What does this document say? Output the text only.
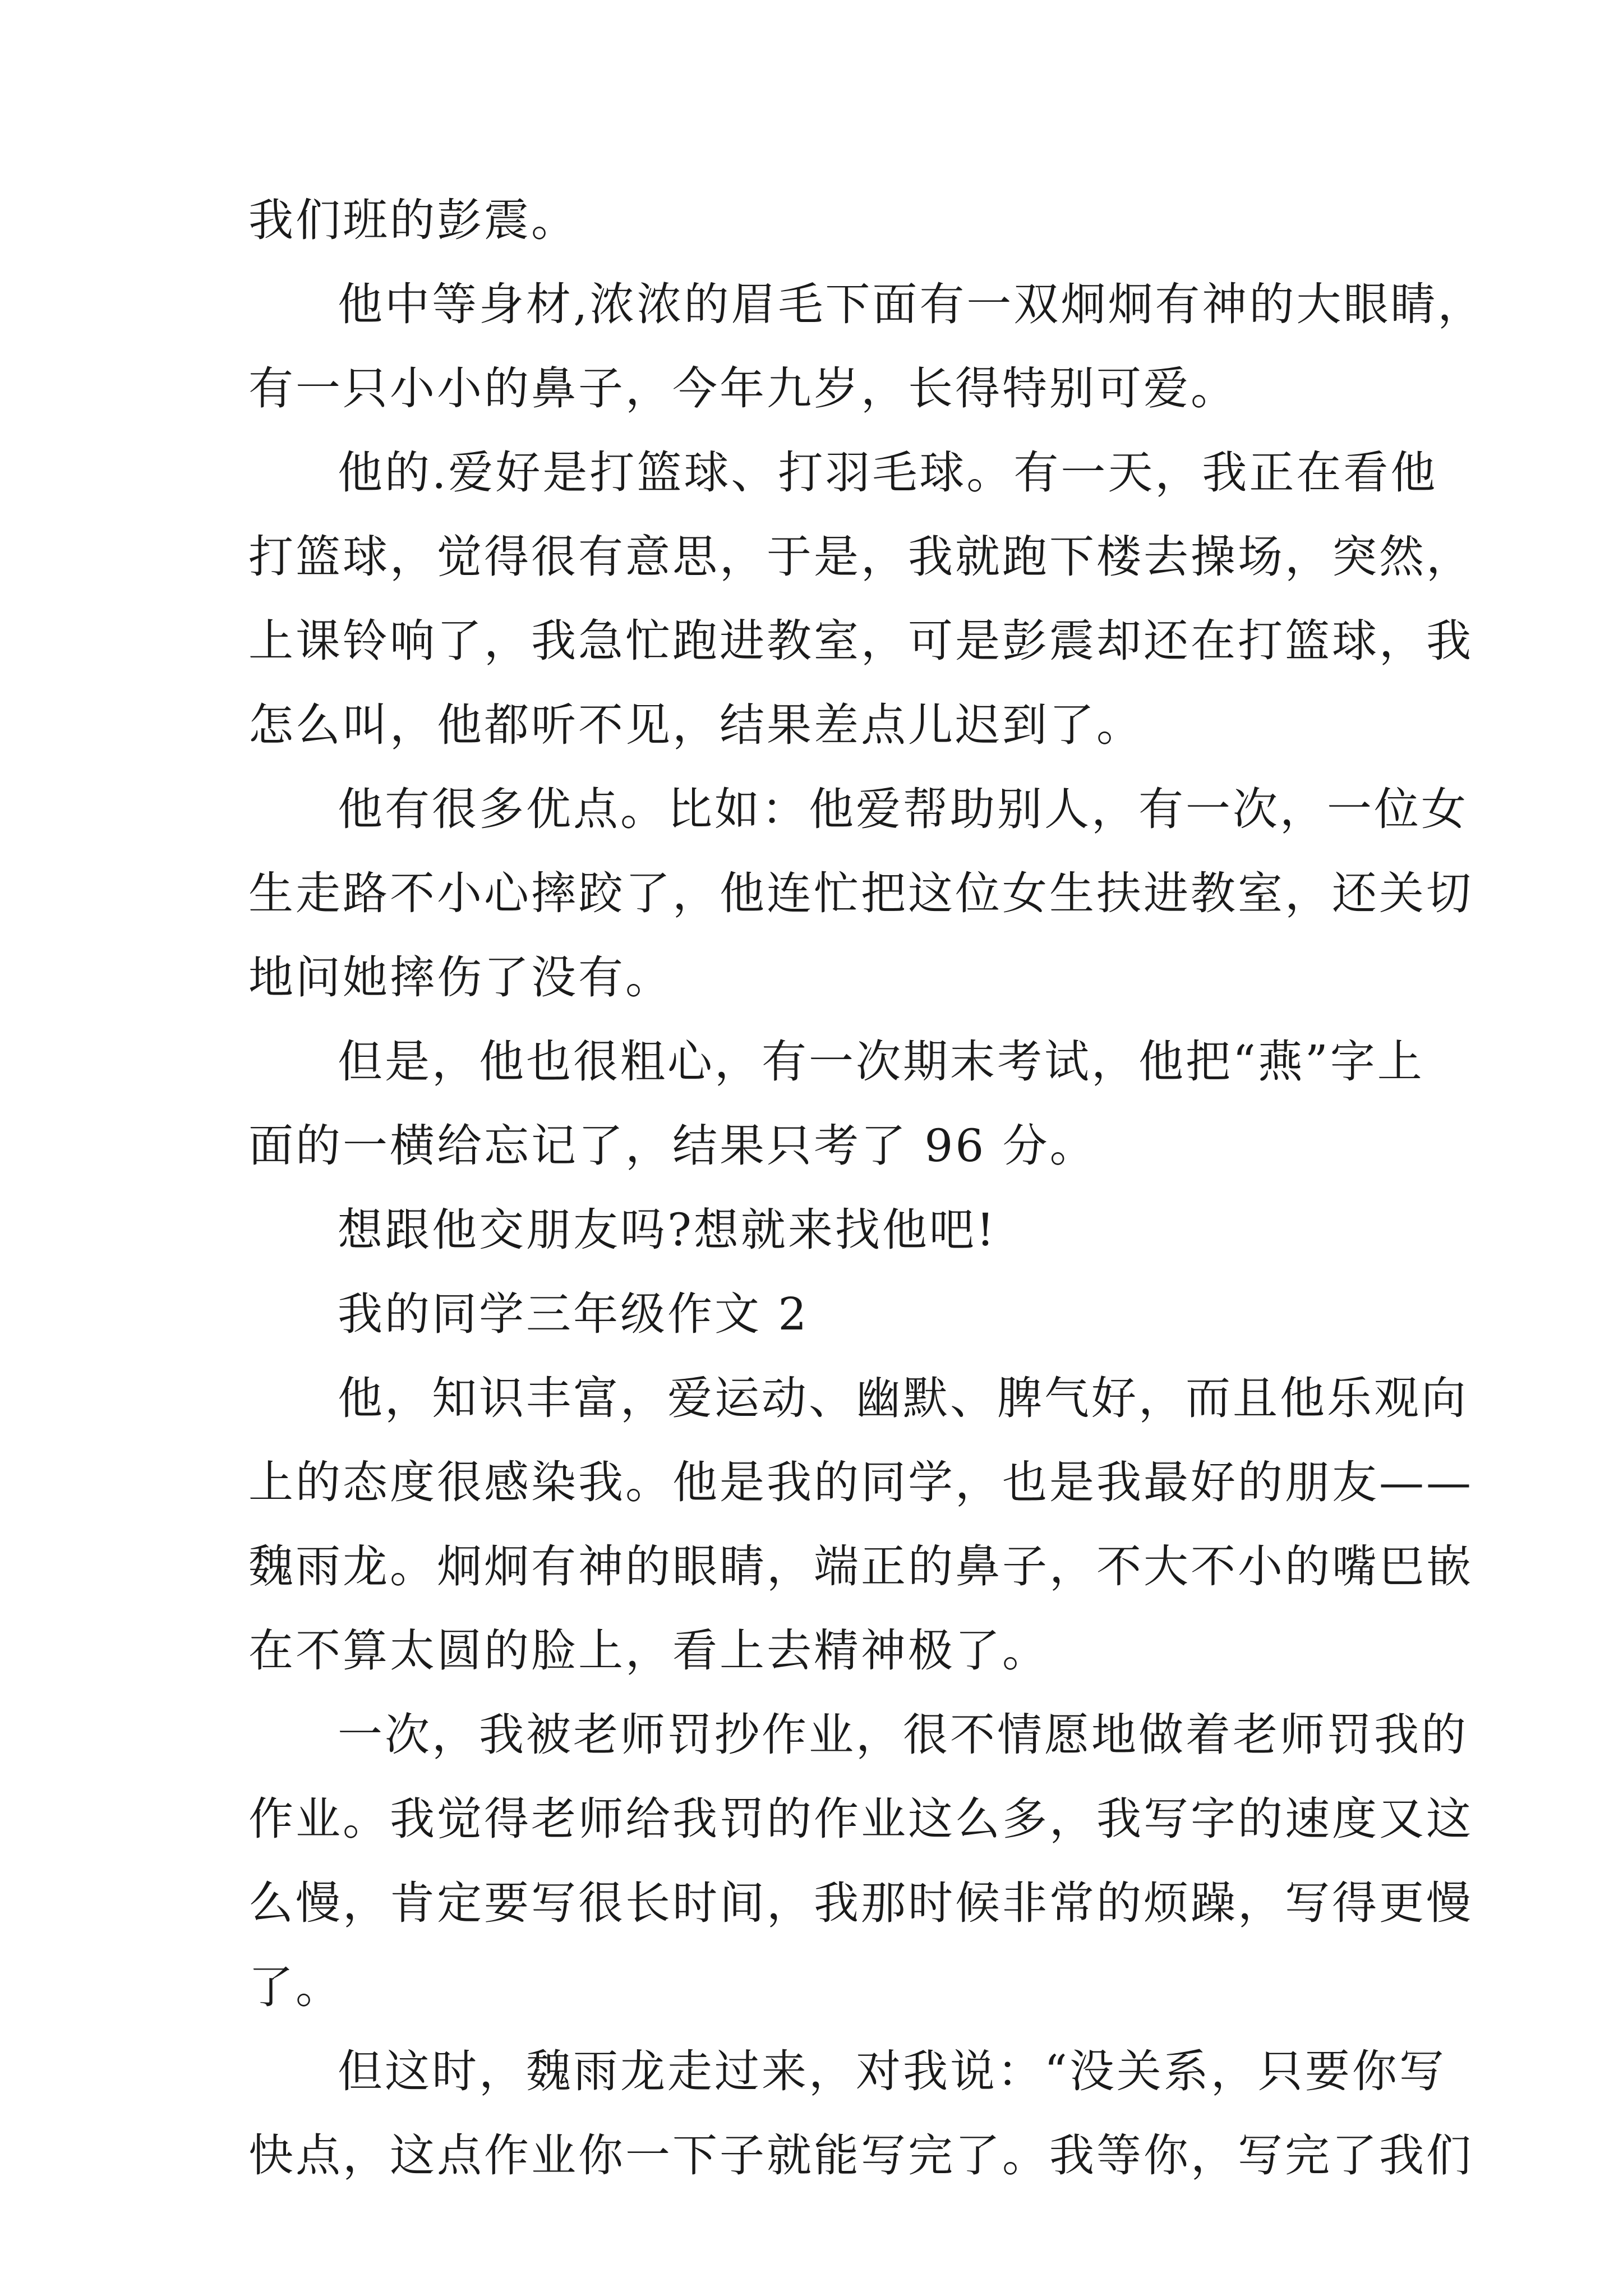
我们班的彭震。
他中等身材,浓浓的眉毛下面有一双炯炯有神的大眼睛，
有一只小小的鼻子，今年九岁，长得特别可爱。
他的.爱好是打篮球、打羽毛球。有一天，我正在看他
打篮球，觉得很有意思，于是，我就跑下楼去操场，突然，
上课铃响了，我急忙跑进教室，可是彭震却还在打篮球，我
怎么叫，他都听不见，结果差点儿迟到了。
他有很多优点。比如：他爱帮助别人，有一次，一位女
生走路不小心摔跤了，他连忙把这位女生扶进教室，还关切
地问她摔伤了没有。
但是，他也很粗心，有一次期末考试，他把“燕”字上
面的一横给忘记了，结果只考了 96 分。
想跟他交朋友吗?想就来找他吧!
我的同学三年级作文 2
他，知识丰富，爱运动、幽默、脾气好，而且他乐观向
上的态度很感染我。他是我的同学，也是我最好的朋友——
魏雨龙。炯炯有神的眼睛，端正的鼻子，不大不小的嘴巴嵌
在不算太圆的脸上，看上去精神极了。
一次，我被老师罚抄作业，很不情愿地做着老师罚我的
作业。我觉得老师给我罚的作业这么多，我写字的速度又这
么慢，肯定要写很长时间，我那时候非常的烦躁，写得更慢
了。
但这时，魏雨龙走过来，对我说：“没关系，只要你写
快点，这点作业你一下子就能写完了。我等你，写完了我们
